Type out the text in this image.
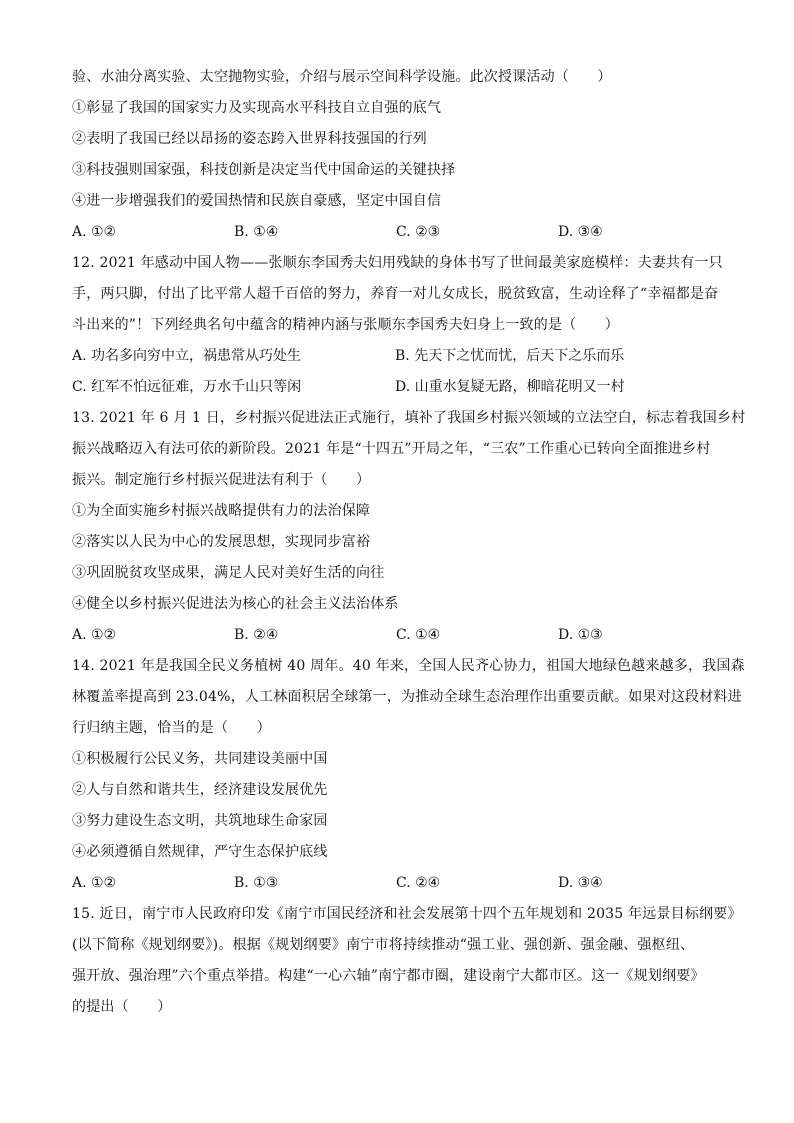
验、水油分离实验、太空抛物实验，介绍与展示空间科学设施。此次授课活动（　　）
①彰显了我国的国家实力及实现高水平科技自立自强的底气
②表明了我国已经以昂扬的姿态跨入世界科技强国的行列
③科技强则国家强，科技创新是决定当代中国命运的关键抉择
④进一步增强我们的爱国热情和民族自豪感，坚定中国自信
A. ①②	B. ①④	C. ②③	D. ③④
12. 2021 年感动中国人物——张顺东李国秀夫妇用残缺的身体书写了世间最美家庭模样：夫妻共有一只
手，两只脚，付出了比平常人超千百倍的努力，养育一对儿女成长，脱贫致富，生动诠释了“幸福都是奋
斗出来的”！下列经典名句中蕴含的精神内涵与张顺东李国秀夫妇身上一致的是（　　）
A. 功名多向穷中立，祸患常从巧处生	B. 先天下之忧而忧，后天下之乐而乐
C. 红军不怕远征难，万水千山只等闲	D. 山重水复疑无路，柳暗花明又一村
13. 2021 年 6 月 1 日，乡村振兴促进法正式施行，填补了我国乡村振兴领域的立法空白，标志着我国乡村
振兴战略迈入有法可依的新阶段。2021 年是“十四五”开局之年，“三农”工作重心已转向全面推进乡村
振兴。制定施行乡村振兴促进法有利于（　　）
①为全面实施乡村振兴战略提供有力的法治保障
②落实以人民为中心的发展思想，实现同步富裕
③巩固脱贫攻坚成果，满足人民对美好生活的向往
④健全以乡村振兴促进法为核心的社会主义法治体系
A. ①②	B. ②④	C. ①④	D. ①③
14. 2021 年是我国全民义务植树 40 周年。40 年来，全国人民齐心协力，祖国大地绿色越来越多，我国森
林覆盖率提高到 23.04%，人工林面积居全球第一，为推动全球生态治理作出重要贡献。如果对这段材料进
行归纳主题，恰当的是（　　）
①积极履行公民义务，共同建设美丽中国
②人与自然和谐共生，经济建设发展优先
③努力建设生态文明，共筑地球生命家园
④必须遵循自然规律，严守生态保护底线
A. ①②	B. ①③	C. ②④	D. ③④
15. 近日，南宁市人民政府印发《南宁市国民经济和社会发展第十四个五年规划和 2035 年远景目标纲要》
(以下简称《规划纲要》)。根据《规划纲要》南宁市将持续推动“强工业、强创新、强金融、强枢纽、
强开放、强治理”六个重点举措。构建“一心六轴”南宁都市圈，建设南宁大都市区。这一《规划纲要》
的提出（　　）
